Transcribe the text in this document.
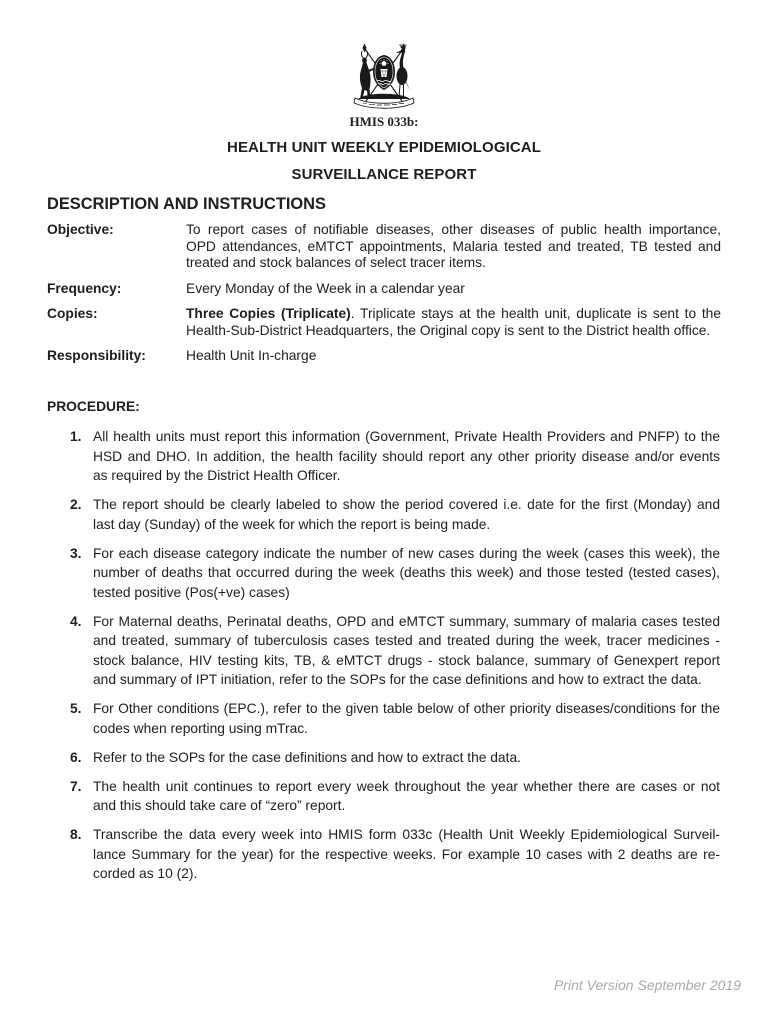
HMIS 033b:
HEALTH UNIT WEEKLY EPIDEMIOLOGICAL
SURVEILLANCE REPORT
DESCRIPTION AND INSTRUCTIONS
Objective:	To report cases of notifiable diseases, other diseases of public health importance,
OPD attendances, eMTCT appointments, Malaria tested and treated, TB tested and
treated and stock balances of select tracer items.
Frequency:	Every Monday of the Week in a calendar year
Copies:	Three Copies (Triplicate). Triplicate stays at the health unit, duplicate is sent to the
Health-Sub-District Headquarters, the Original copy is sent to the District health office.
Responsibility:	Health Unit In-charge
PROCEDURE:
1. All health units must report this information (Government, Private Health Providers and PNFP) to the
HSD and DHO. In addition, the health facility should report any other priority disease and/or events
as required by the District Health Officer.
2. The report should be clearly labeled to show the period covered i.e. date for the first (Monday) and
last day (Sunday) of the week for which the report is being made.
3. For each disease category indicate the number of new cases during the week (cases this week), the
number of deaths that occurred during the week (deaths this week) and those tested (tested cases),
tested positive (Pos(+ve) cases)
4. For Maternal deaths, Perinatal deaths, OPD and eMTCT summary, summary of malaria cases tested
and treated, summary of tuberculosis cases tested and treated during the week, tracer medicines -
stock balance, HIV testing kits, TB, & eMTCT drugs - stock balance, summary of Genexpert report
and summary of IPT initiation, refer to the SOPs for the case definitions and how to extract the data.
5. For Other conditions (EPC.), refer to the given table below of other priority diseases/conditions for the
codes when reporting using mTrac.
6. Refer to the SOPs for the case definitions and how to extract the data.
7. The health unit continues to report every week throughout the year whether there are cases or not
and this should take care of “zero” report.
8. Transcribe the data every week into HMIS form 033c (Health Unit Weekly Epidemiological Surveil-
lance Summary for the year) for the respective weeks. For example 10 cases with 2 deaths are re-
corded as 10 (2).
Print Version September 2019
